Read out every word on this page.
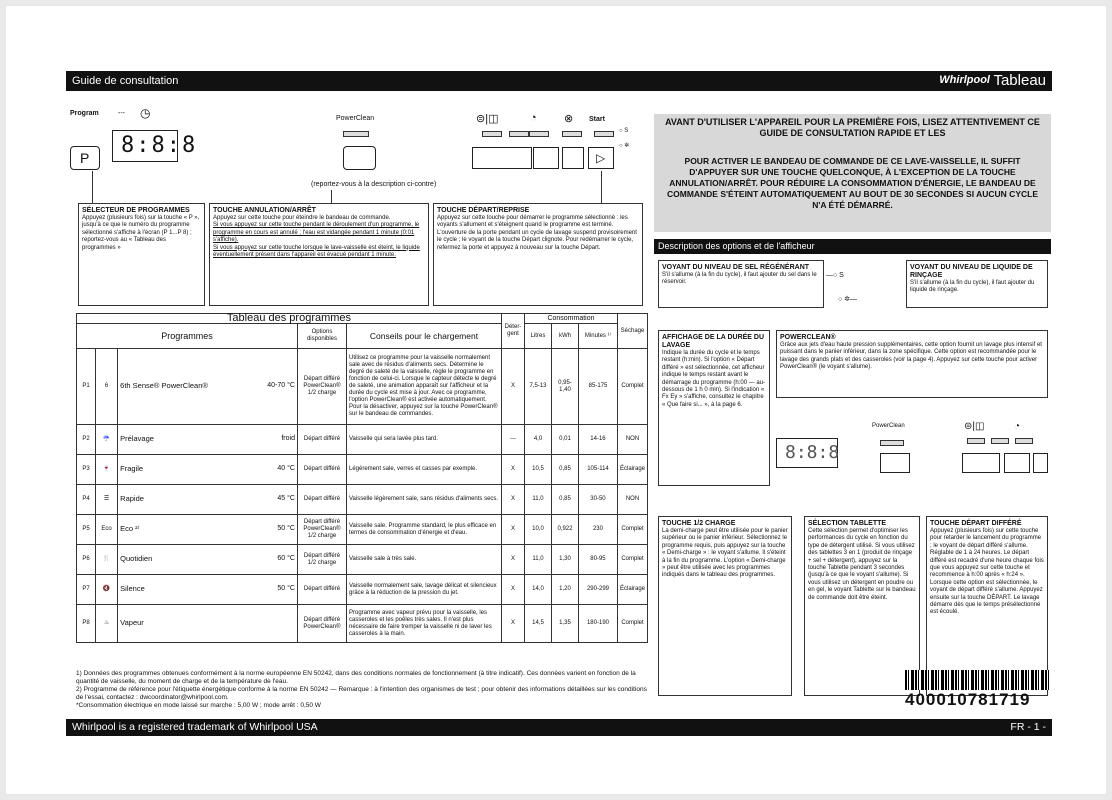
Guide de consultation	Whirlpool Tableau
Program	--- ◷
8:8:8
P
PowerClean	⊜|◫	◔ ⊗ Start
○ S
○ ✲
▷
(reportez-vous à la description ci-contre)
SÉLECTEUR DE PROGRAMMES
Appuyez (plusieurs fois) sur la touche « P », jusqu'à ce que le numéro du programme sélectionné s'affiche à l'écran (P 1...P 8) ; reportez-vous au « Tableau des programmes »
TOUCHE ANNULATION/ARRÊT
Appuyez sur cette touche pour éteindre le bandeau de commande.
Si vous appuyez sur cette touche pendant le déroulement d'un programme, le programme en cours est annulé ; l'eau est vidangée pendant 1 minute (0:01 s'affiche).
Si vous appuyez sur cette touche lorsque le lave-vaisselle est éteint, le liquide éventuellement présent dans l'appareil est évacué pendant 1 minute.
TOUCHE DÉPART/REPRISE
Appuyez sur cette touche pour démarrer le programme sélectionné : les voyants s'allument et s'éteignent quand le programme est terminé. L'ouverture de la porte pendant un cycle de lavage suspend provisoirement le cycle ; le voyant de la touche Départ clignote. Pour redémarrer le cycle, refermez la porte et appuyez à nouveau sur la touche Départ.
AVANT D'UTILISER L'APPAREIL POUR LA PREMIÈRE FOIS, LISEZ ATTENTIVEMENT CE GUIDE DE CONSULTATION RAPIDE ET LES
POUR ACTIVER LE BANDEAU DE COMMANDE DE CE LAVE-VAISSELLE, IL SUFFIT D'APPUYER SUR UNE TOUCHE QUELCONQUE, À L'EXCEPTION DE LA TOUCHE ANNULATION/ARRÊT. POUR RÉDUIRE LA CONSOMMATION D'ÉNERGIE, LE BANDEAU DE COMMANDE S'ÉTEINT AUTOMATIQUEMENT AU BOUT DE 30 SECONDES SI AUCUN CYCLE N'A ÉTÉ DÉMARRÉ.
Description des options et de l'afficheur
VOYANT DU NIVEAU DE SEL RÉGÉNÉRANT
S'il s'allume (à la fin du cycle), il faut ajouter du sel dans le réservoir.
VOYANT DU NIVEAU DE LIQUIDE DE RINÇAGE
S'il s'allume (à la fin du cycle), il faut ajouter du liquide de rinçage.
—○ S
○ ✲—
AFFICHAGE DE LA DURÉE DU LAVAGE
Indique la durée du cycle et le temps restant (h:min). Si l'option « Départ différé » est sélectionnée, cet afficheur indique le temps restant avant le démarrage du programme (h:00 — au-dessous de 1 h 0 min). Si l'indication « Fx Ey » s'affiche, consultez le chapitre « Que faire si... », à la page 6.
POWERCLEAN®
Grâce aux jets d'eau haute pression supplémentaires, cette option fournit un lavage plus intensif et puissant dans le panier inférieur, dans la zone spécifique. Cette option est recommandée pour le lavage des grands plats et des casseroles (voir la page 4). Appuyez sur cette touche pour activer PowerClean® (le voyant s'allume).
8:8:8
PowerClean	⊜|◫	◔
TOUCHE 1/2 CHARGE
La demi-charge peut être utilisée pour le panier supérieur ou le panier inférieur. Sélectionnez le programme requis, puis appuyez sur la touche « Demi-charge » : le voyant s'allume. Il s'éteint à la fin du programme. L'option « Demi-charge » peut être utilisée avec les programmes indiqués dans le tableau des programmes.
SÉLECTION TABLETTE
Cette sélection permet d'optimiser les performances du cycle en fonction du type de détergent utilisé. Si vous utilisez des tablettes 3 en 1 (produit de rinçage + sel + détergent), appuyez sur la touche Tablette pendant 3 secondes (jusqu'à ce que le voyant s'allume). Si vous utilisez un détergent en poudre ou en gel, le voyant Tablette sur le bandeau de commande doit être éteint.
TOUCHE DÉPART DIFFÉRÉ
Appuyez (plusieurs fois) sur cette touche pour retarder le lancement du programme ; le voyant de départ différé s'allume. Réglable de 1 à 24 heures. Le départ différé est recadré d'une heure chaque fois que vous appuyez sur cette touche et recommence à h:00 après « h:24 ». Lorsque cette option est sélectionnée, le voyant de départ différé s'allume. Appuyez ensuite sur la touche DÉPART. Le lavage démarre dès que le temps présélectionné est écoulé.
400010781719
Tableau des programmes					Déter- gent	Consommation			Séchage
Programmes			Options disponibles	Conseils pour le chargement		Litres	kWh	Minutes ¹⁾	
P1	6	6th Sense® PowerClean® 40-70 °C	Départ différé PowerClean® 1/2 charge	Utilisez ce programme pour la vaisselle normalement sale avec de résidus d'aliments secs. Détermine le degré de saleté de la vaisselle, règle le programme en fonction de celui-ci. Lorsque le capteur détecte le degré de saleté, une animation apparaît sur l'afficheur et la durée du cycle est mise à jour. Avec ce programme, l'option PowerClean® est activée automatiquement. Pour la désactiver, appuyez sur la touche PowerClean® sur le bandeau de commandes.	X	7,5-13	0,95-1,40	85-175	Complet
P2	☔	Prélavage froid	Départ différé	Vaisselle qui sera lavée plus tard.	---	4,0	0,01	14-16	NON
P3	🍷	Fragile 40 °C	Départ différé	Légèrement sale, verres et casses par exemple.	X	10,5	0,85	105-114	Éclairage
P4	☰	Rapide 45 °C	Départ différé	Vaisselle légèrement sale, sans résidus d'aliments secs.	X	11,0	0,85	30-50	NON
P5	Eco	Eco ²⁾ 50 °C	Départ différé PowerClean® 1/2 charge	Vaisselle sale. Programme standard, le plus efficace en termes de consommation d'énergie et d'eau.	X	10,0	0,922	230	Complet
P6	🍴	Quotidien 60 °C	Départ différé 1/2 charge	Vaisselle sale à très sale.	X	11,0	1,30	80-95	Complet
P7	🔇	Silence 50 °C	Départ différé	Vaisselle normalement sale, lavage délicat et silencieux grâce à la réduction de la pression du jet.	X	14,0	1,20	290-299	Éclairage
P8	♨	Vapeur	Départ différé PowerClean®	Programme avec vapeur prévu pour la vaisselle, les casseroles et les poêles très sales. Il n'est plus nécessaire de faire tremper la vaisselle ni de laver les casseroles à la main.	X	14,5	1,35	180-190	Complet
1) Données des programmes obtenues conformément à la norme européenne EN 50242, dans des conditions normales de fonctionnement (à titre indicatif). Ces données varient en fonction de la quantité de vaisselle, du moment de charge et de la température de l'eau.
2) Programme de référence pour l'étiquette énergétique conforme à la norme EN 50242 — Remarque : à l'intention des organismes de test ; pour obtenir des informations détaillées sur les conditions de l'essai, contactez : dwcoordinator@whirlpool.com.
*Consommation électrique en mode laissé sur marche : 5,00 W ; mode arrêt : 0,50 W
Whirlpool is a registered trademark of Whirlpool USA	FR - 1 -
